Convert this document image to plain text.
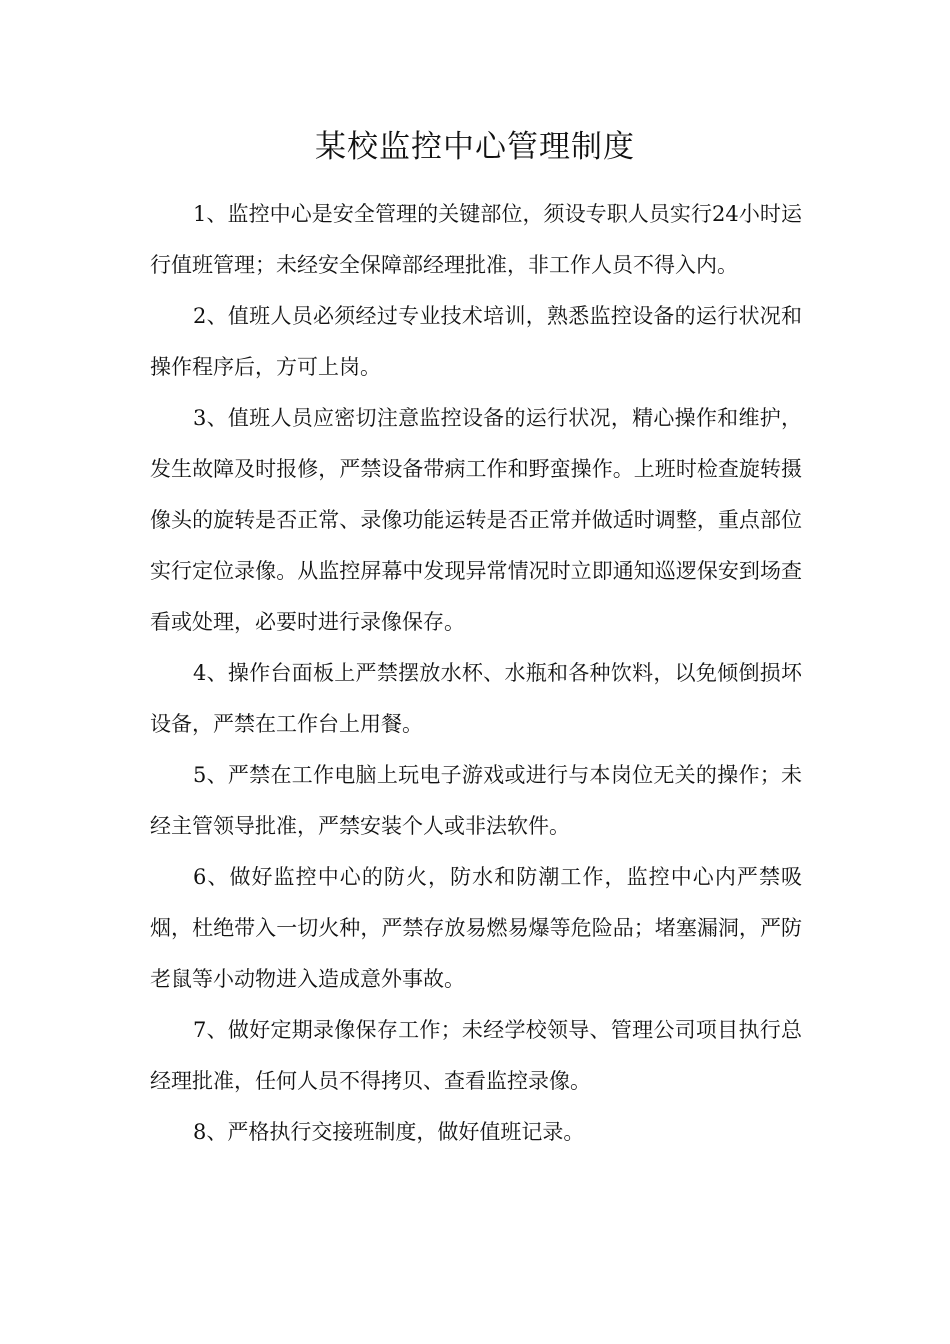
某校监控中心管理制度

1、监控中心是安全管理的关键部位，须设专职人员实行24小时运行值班管理；未经安全保障部经理批准，非工作人员不得入内。

2、值班人员必须经过专业技术培训，熟悉监控设备的运行状况和操作程序后，方可上岗。

3、值班人员应密切注意监控设备的运行状况，精心操作和维护，发生故障及时报修，严禁设备带病工作和野蛮操作。上班时检查旋转摄像头的旋转是否正常、录像功能运转是否正常并做适时调整，重点部位实行定位录像。从监控屏幕中发现异常情况时立即通知巡逻保安到场查看或处理，必要时进行录像保存。

4、操作台面板上严禁摆放水杯、水瓶和各种饮料，以免倾倒损坏设备，严禁在工作台上用餐。

5、严禁在工作电脑上玩电子游戏或进行与本岗位无关的操作；未经主管领导批准，严禁安装个人或非法软件。

6、做好监控中心的防火，防水和防潮工作，监控中心内严禁吸烟，杜绝带入一切火种，严禁存放易燃易爆等危险品；堵塞漏洞，严防老鼠等小动物进入造成意外事故。

7、做好定期录像保存工作；未经学校领导、管理公司项目执行总经理批准，任何人员不得拷贝、查看监控录像。

8、严格执行交接班制度，做好值班记录。
